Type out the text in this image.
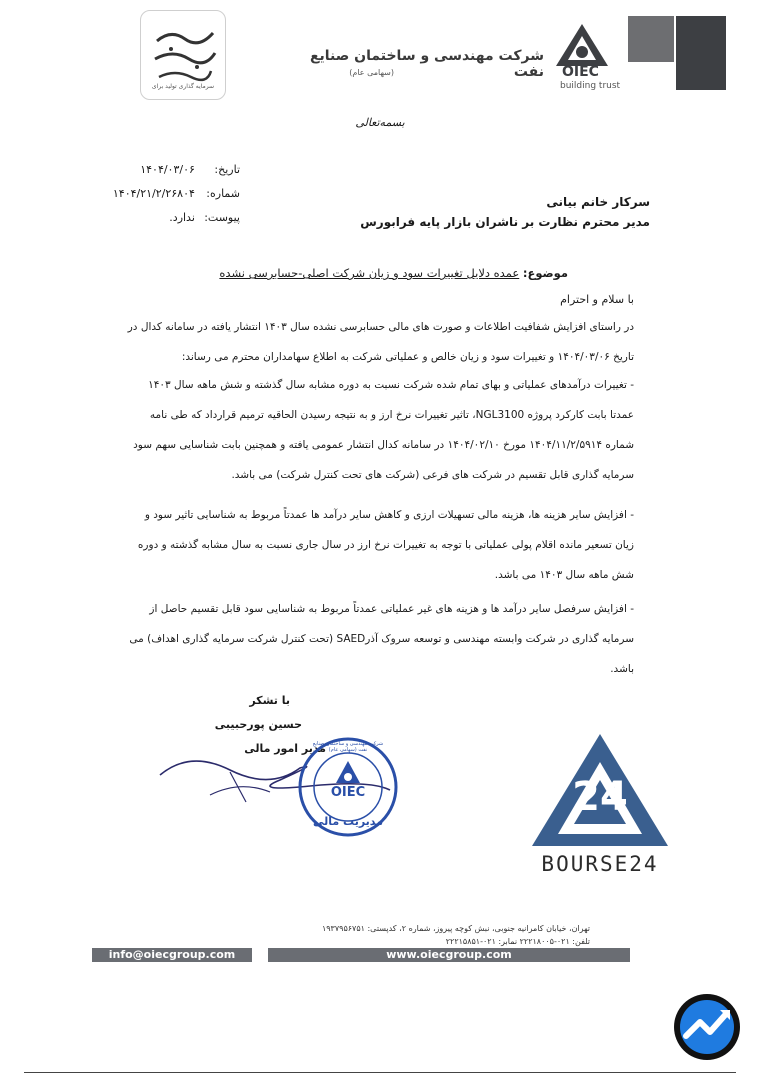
سرمایه گذاری تولید برای
شرکت مهندسی و ساختمان صنایع نفت
(سهامی عام)	OIEC
building trust
بسمه‌تعالی
تاریخ: ۱۴۰۴/۰۳/۰۶
شماره: ۱۴۰۴/۲۱/۲/۲۶۸۰۴
پیوست: ندارد.
سرکار خانم بیانی
مدیر محترم نظارت بر ناشران بازار پایه فرابورس
موضوع: عمده دلایل تغییرات سود و زیان شرکت اصلی-حسابرسی نشده
با سلام و احترام
در راستای افزایش شفافیت اطلاعات و صورت های مالی حسابرسی نشده سال ۱۴۰۳ انتشار یافته در سامانه کدال در تاریخ ۱۴۰۴/۰۳/۰۶ و تغییرات سود و زیان خالص و عملیاتی شرکت به اطلاع سهامداران محترم می رساند:
- تغییرات درآمدهای عملیاتی و بهای تمام شده شرکت نسبت به دوره مشابه سال گذشته و شش ماهه سال ۱۴۰۳ عمدتا بابت کارکرد پروژه NGL3100، تاثیر تغییرات نرخ ارز و به نتیجه رسیدن الحاقیه ترمیم قرارداد که طی نامه شماره ۱۴۰۴/۱۱/۲/۵۹۱۴ مورخ ۱۴۰۴/۰۲/۱۰ در سامانه کدال انتشار عمومی یافته و همچنین بابت شناسایی سهم سود سرمایه گذاری قابل تقسیم در شرکت های فرعی (شرکت های تحت کنترل شرکت) می باشد.
- افزایش سایر هزینه ها، هزینه مالی تسهیلات ارزی و کاهش سایر درآمد ها عمدتاً مربوط به شناسایی تاثیر سود و زیان تسعیر مانده اقلام پولی عملیاتی با توجه به تغییرات نرخ ارز در سال جاری نسبت به سال مشابه گذشته و دوره شش ماهه سال ۱۴۰۳ می باشد.
- افزایش سرفصل سایر درآمد ها و هزینه های غیر عملیاتی عمدتاً مربوط به شناسایی سود قابل تقسیم حاصل از سرمایه گذاری در شرکت وابسته مهندسی و توسعه سروک آذرSAED (تحت کنترل شرکت سرمایه گذاری اهداف) می باشد.
با تشکر
حسین پورحبیبی
مدیر امور مالی
شرکت مهندسی و ساختمان صنایع نفت (سهامی عام)
OIEC
مدیریت مالی
24
BOURSE24
تهران، خیابان کامرانیه جنوبی، نبش کوچه پیروز، شماره ۲، کدپستی: ۱۹۳۷۹۵۶۷۵۱
تلفن: ۰۲۱-۲۲۲۱۸۰۰۵ نمابر: ۰۲۱-۲۲۲۱۵۸۵۱
info@oiecgroup.com	www.oiecgroup.com
